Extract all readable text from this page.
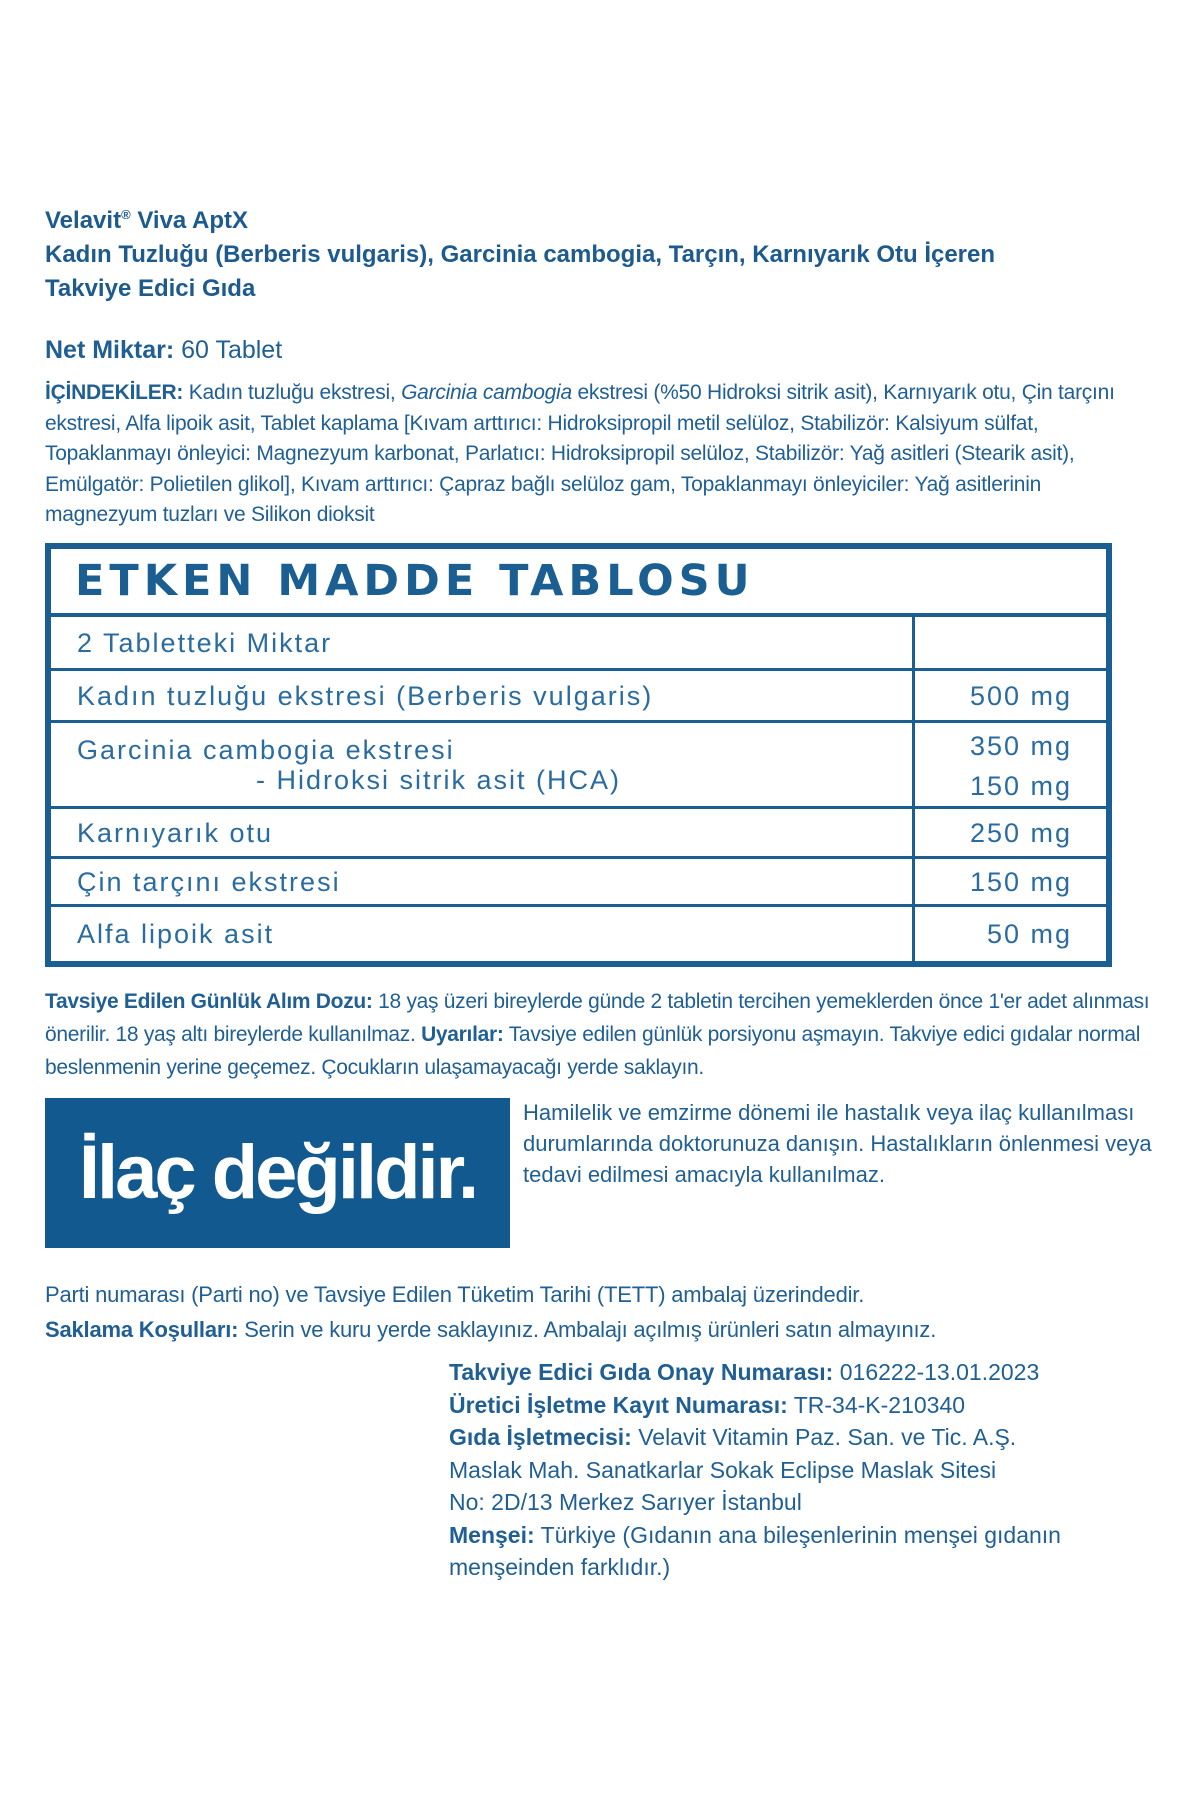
Velavit® Viva AptX
Kadın Tuzluğu (Berberis vulgaris), Garcinia cambogia, Tarçın, Karnıyarık Otu İçeren
Takviye Edici Gıda
Net Miktar: 60 Tablet
İÇİNDEKİLER: Kadın tuzluğu ekstresi, Garcinia cambogia ekstresi (%50 Hidroksi sitrik asit), Karnıyarık otu, Çin tarçını ekstresi, Alfa lipoik asit, Tablet kaplama [Kıvam arttırıcı: Hidroksipropil metil selüloz, Stabilizör: Kalsiyum sülfat, Topaklanmayı önleyici: Magnezyum karbonat, Parlatıcı: Hidroksipropil selüloz, Stabilizör: Yağ asitleri (Stearik asit), Emülgatör: Polietilen glikol], Kıvam arttırıcı: Çapraz bağlı selüloz gam, Topaklanmayı önleyiciler: Yağ asitlerinin magnezyum tuzları ve Silikon dioksit
ETKEN MADDE TABLOSU
2 Tabletteki Miktar
Kadın tuzluğu ekstresi (Berberis vulgaris)	500 mg
Garcinia cambogia ekstresi	350 mg
- Hidroksi sitrik asit (HCA)	150 mg
Karnıyarık otu	250 mg
Çin tarçını ekstresi	150 mg
Alfa lipoik asit	50 mg
Tavsiye Edilen Günlük Alım Dozu: 18 yaş üzeri bireylerde günde 2 tabletin tercihen yemeklerden önce 1'er adet alınması önerilir. 18 yaş altı bireylerde kullanılmaz. Uyarılar: Tavsiye edilen günlük porsiyonu aşmayın. Takviye edici gıdalar normal beslenmenin yerine geçemez. Çocukların ulaşamayacağı yerde saklayın.
İlaç değildir.
Hamilelik ve emzirme dönemi ile hastalık veya ilaç kullanılması durumlarında doktorunuza danışın. Hastalıkların önlenmesi veya tedavi edilmesi amacıyla kullanılmaz.
Parti numarası (Parti no) ve Tavsiye Edilen Tüketim Tarihi (TETT) ambalaj üzerindedir.
Saklama Koşulları: Serin ve kuru yerde saklayınız. Ambalajı açılmış ürünleri satın almayınız.
Takviye Edici Gıda Onay Numarası: 016222-13.01.2023
Üretici İşletme Kayıt Numarası: TR-34-K-210340
Gıda İşletmecisi: Velavit Vitamin Paz. San. ve Tic. A.Ş.
Maslak Mah. Sanatkarlar Sokak Eclipse Maslak Sitesi
No: 2D/13 Merkez Sarıyer İstanbul
Menşei: Türkiye (Gıdanın ana bileşenlerinin menşei gıdanın menşeinden farklıdır.)
